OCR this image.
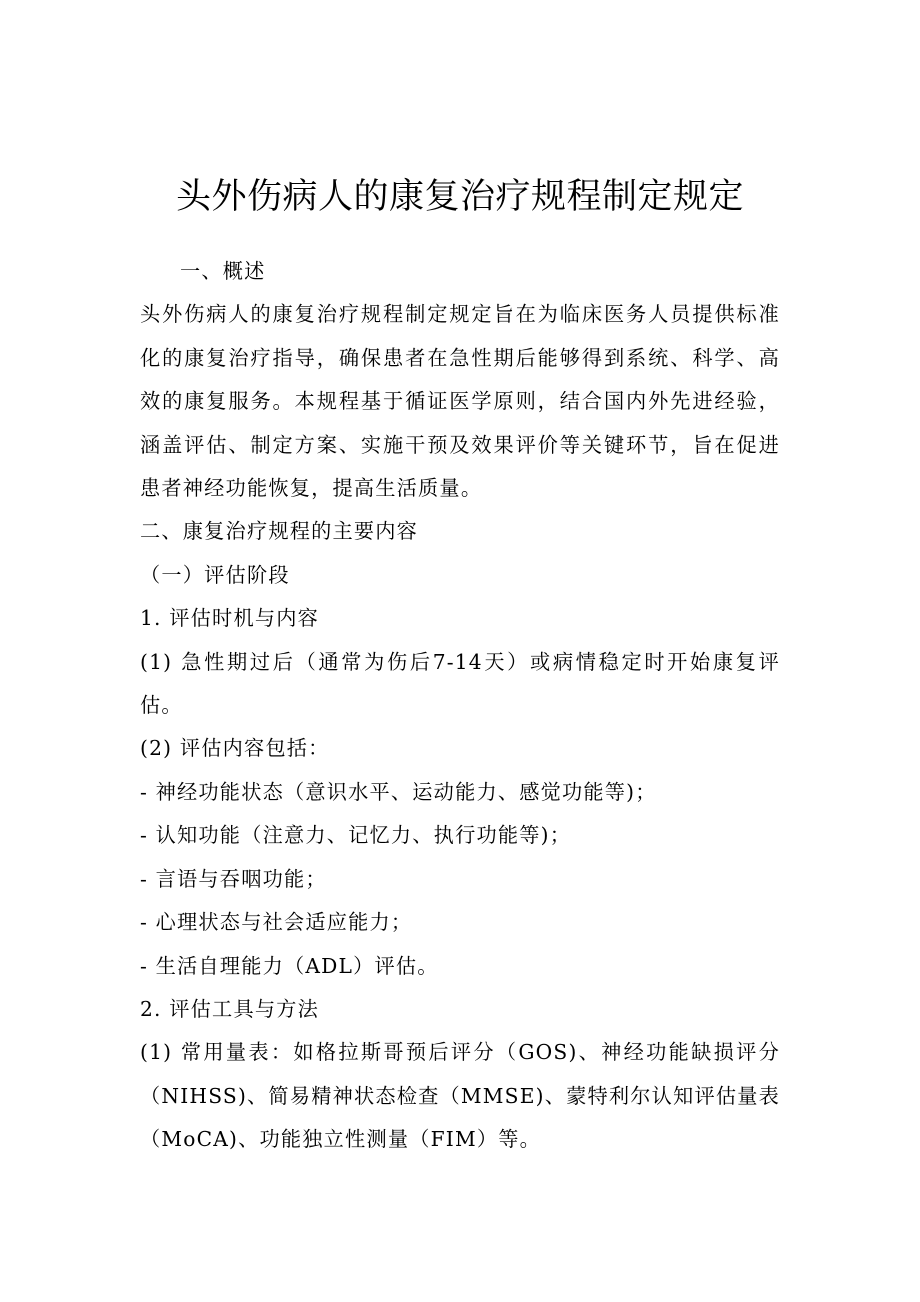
头外伤病人的康复治疗规程制定规定

一、概述

头外伤病人的康复治疗规程制定规定旨在为临床医务人员提供标准化的康复治疗指导，确保患者在急性期后能够得到系统、科学、高效的康复服务。本规程基于循证医学原则，结合国内外先进经验，涵盖评估、制定方案、实施干预及效果评价等关键环节，旨在促进患者神经功能恢复，提高生活质量。

二、康复治疗规程的主要内容

（一）评估阶段

1. 评估时机与内容

(1) 急性期过后（通常为伤后7-14天）或病情稳定时开始康复评估。

(2) 评估内容包括：

- 神经功能状态（意识水平、运动能力、感觉功能等)；

- 认知功能（注意力、记忆力、执行功能等)；

- 言语与吞咽功能；

- 心理状态与社会适应能力；

- 生活自理能力（ADL）评估。

2. 评估工具与方法

(1) 常用量表：如格拉斯哥预后评分（GOS)、神经功能缺损评分（NIHSS)、简易精神状态检查（MMSE)、蒙特利尔认知评估量表（MoCA)、功能独立性测量（FIM）等。
